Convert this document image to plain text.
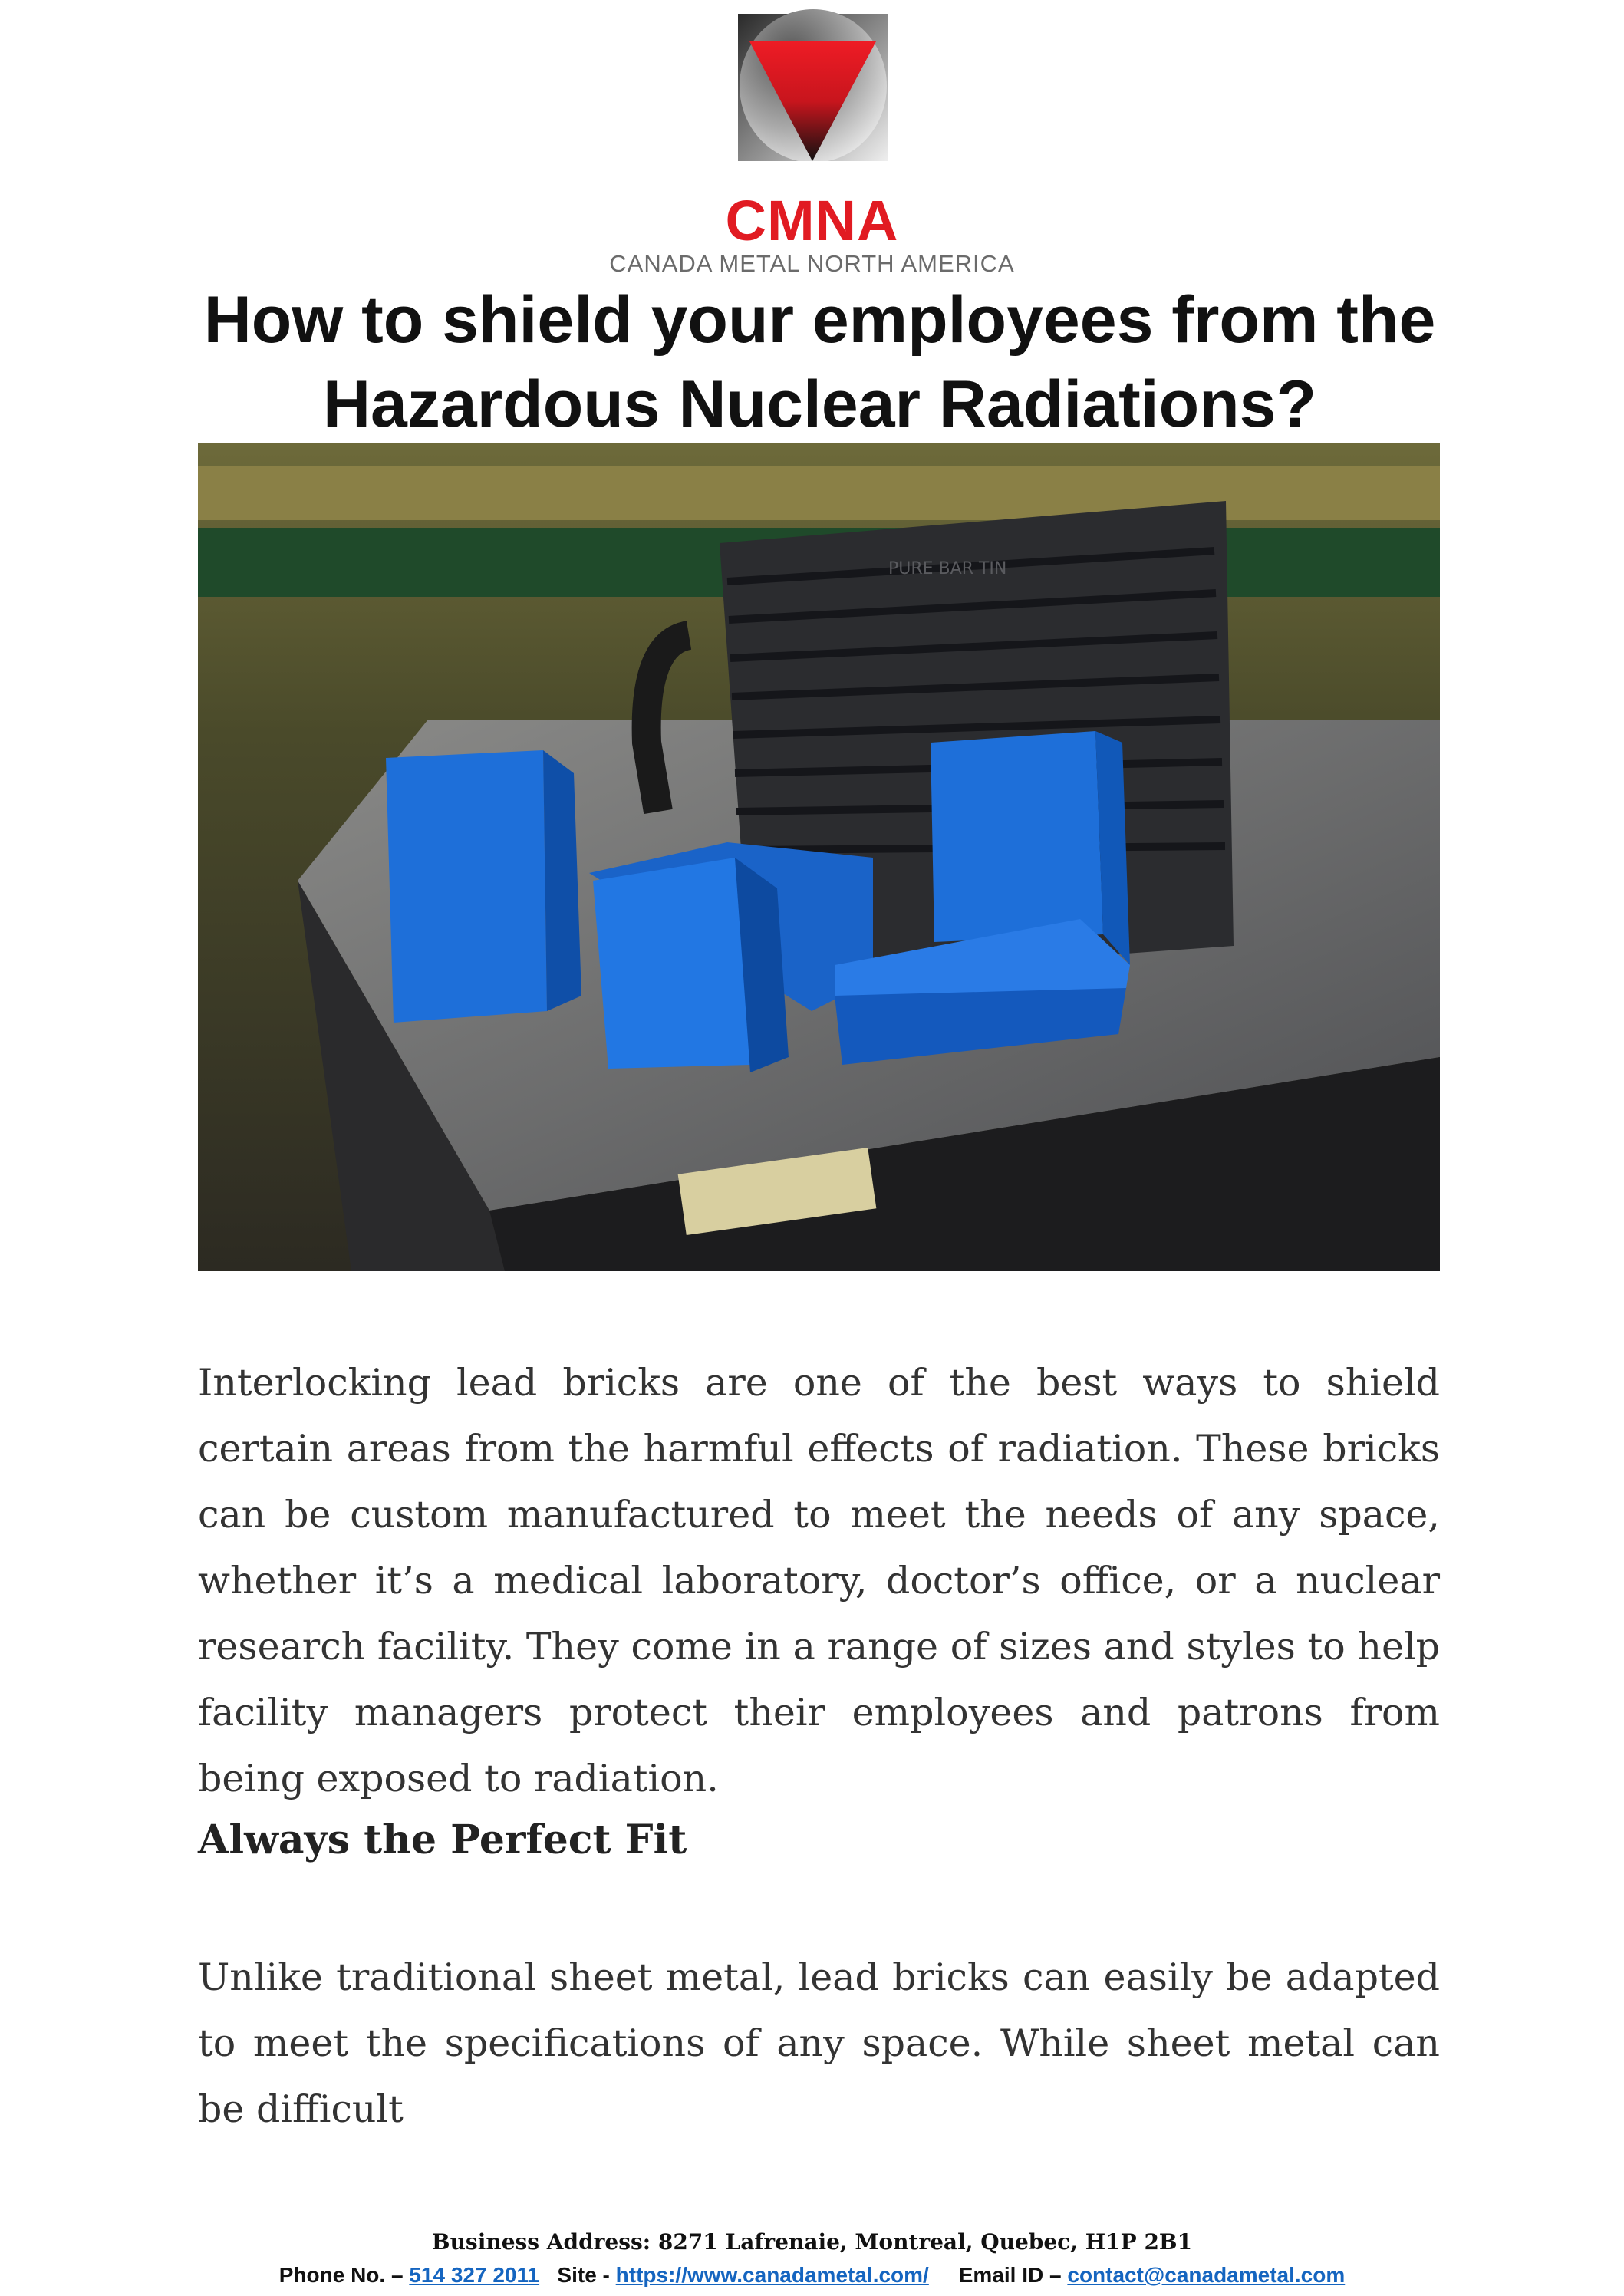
CMNA
CANADA METAL NORTH AMERICA
How to shield your employees from the
Hazardous Nuclear Radiations?
PURE BAR TIN

Interlocking lead bricks are one of the best ways to shield certain areas from the harmful effects of radiation. These bricks can be custom manufactured to meet the needs of any space, whether it’s a medical laboratory, doctor’s office, or a nuclear research facility. They come in a range of sizes and styles to help facility managers protect their employees and patrons from being exposed to radiation.

Always the Perfect Fit

Unlike traditional sheet metal, lead bricks can easily be adapted to meet the specifications of any space. While sheet metal can be difficult

Business Address: 8271 Lafrenaie, Montreal, Quebec, H1P 2B1
Phone No. – 514 327 2011 Site - https://www.canadametal.com/ Email ID – contact@canadametal.com
